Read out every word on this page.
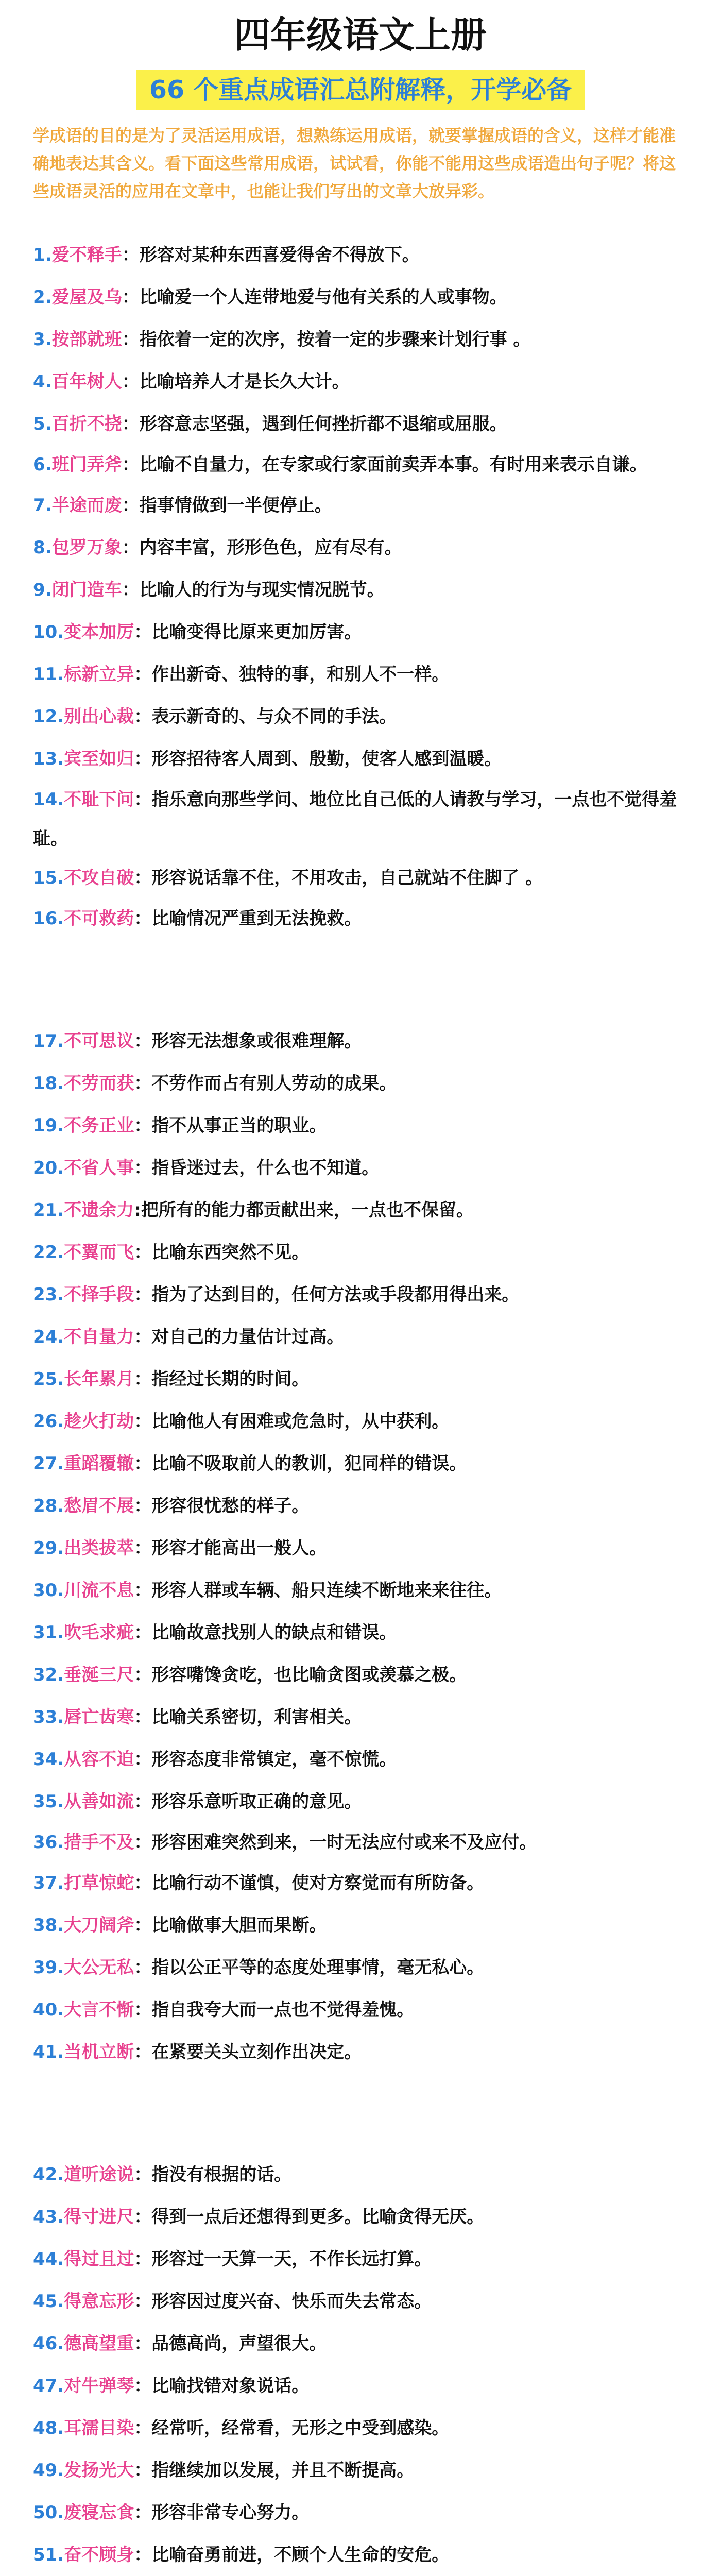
四年级语文上册
66 个重点成语汇总附解释，开学必备
学成语的目的是为了灵活运用成语，想熟练运用成语，就要掌握成语的含义，这样才能准确地表达其含义。看下面这些常用成语，试试看，你能不能用这些成语造出句子呢？将这些成语灵活的应用在文章中，也能让我们写出的文章大放异彩。
1.爱不释手：形容对某种东西喜爱得舍不得放下。
2.爱屋及乌：比喻爱一个人连带地爱与他有关系的人或事物。
3.按部就班：指依着一定的次序，按着一定的步骤来计划行事 。
4.百年树人：比喻培养人才是长久大计。
5.百折不挠：形容意志坚强，遇到任何挫折都不退缩或屈服。
6.班门弄斧：比喻不自量力，在专家或行家面前卖弄本事。有时用来表示自谦。
7.半途而废：指事情做到一半便停止。
8.包罗万象：内容丰富，形形色色，应有尽有。
9.闭门造车：比喻人的行为与现实情况脱节。
10.变本加厉：比喻变得比原来更加厉害。
11.标新立异：作出新奇、独特的事，和别人不一样。
12.别出心裁：表示新奇的、与众不同的手法。
13.宾至如归：形容招待客人周到、殷勤，使客人感到温暖。
14.不耻下问：指乐意向那些学问、地位比自己低的人请教与学习，一点也不觉得羞耻。
15.不攻自破：形容说话靠不住，不用攻击，自己就站不住脚了 。
16.不可救药：比喻情况严重到无法挽救。
17.不可思议：形容无法想象或很难理解。
18.不劳而获：不劳作而占有别人劳动的成果。
19.不务正业：指不从事正当的职业。
20.不省人事：指昏迷过去，什么也不知道。
21.不遗余力:把所有的能力都贡献出来，一点也不保留。
22.不翼而飞：比喻东西突然不见。
23.不择手段：指为了达到目的，任何方法或手段都用得出来。
24.不自量力：对自己的力量估计过高。
25.长年累月：指经过长期的时间。
26.趁火打劫：比喻他人有困难或危急时，从中获利。
27.重蹈覆辙：比喻不吸取前人的教训，犯同样的错误。
28.愁眉不展：形容很忧愁的样子。
29.出类拔萃：形容才能高出一般人。
30.川流不息：形容人群或车辆、船只连续不断地来来往往。
31.吹毛求疵：比喻故意找别人的缺点和错误。
32.垂涎三尺：形容嘴馋贪吃，也比喻贪图或羡慕之极。
33.唇亡齿寒：比喻关系密切，利害相关。
34.从容不迫：形容态度非常镇定，毫不惊慌。
35.从善如流：形容乐意听取正确的意见。
36.措手不及：形容困难突然到来，一时无法应付或来不及应付。
37.打草惊蛇：比喻行动不谨慎，使对方察觉而有所防备。
38.大刀阔斧：比喻做事大胆而果断。
39.大公无私：指以公正平等的态度处理事情，毫无私心。
40.大言不惭：指自我夸大而一点也不觉得羞愧。
41.当机立断：在紧要关头立刻作出决定。
42.道听途说：指没有根据的话。
43.得寸进尺：得到一点后还想得到更多。比喻贪得无厌。
44.得过且过：形容过一天算一天，不作长远打算。
45.得意忘形：形容因过度兴奋、快乐而失去常态。
46.德高望重：品德高尚，声望很大。
47.对牛弹琴：比喻找错对象说话。
48.耳濡目染：经常听，经常看，无形之中受到感染。
49.发扬光大：指继续加以发展，并且不断提高。
50.废寝忘食：形容非常专心努力。
51.奋不顾身：比喻奋勇前进，不顾个人生命的安危。
